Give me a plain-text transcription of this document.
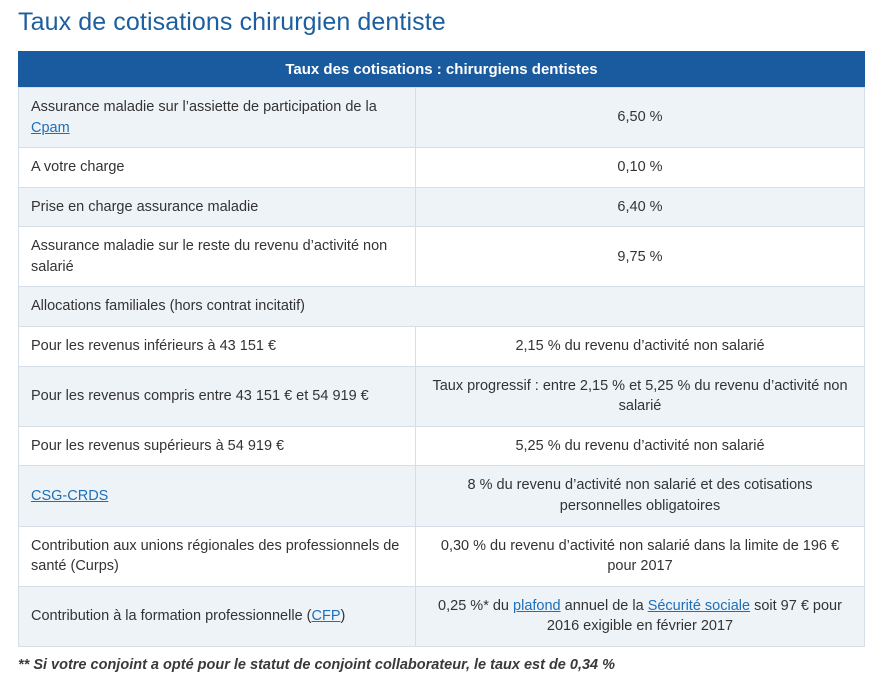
Taux de cotisations chirurgien dentiste
Taux des cotisations : chirurgiens dentistes
Assurance maladie sur l’assiette de participation de la Cpam	6,50 %
A votre charge	0,10 %
Prise en charge assurance maladie	6,40 %
Assurance maladie sur le reste du revenu d’activité non salarié	9,75 %
Allocations familiales (hors contrat incitatif)	
Pour les revenus inférieurs à 43 151 €	2,15 % du revenu d’activité non salarié
Pour les revenus compris entre 43 151 € et 54 919 €	Taux progressif : entre 2,15 % et 5,25 % du revenu d’activité non salarié
Pour les revenus supérieurs à 54 919 €	5,25 % du revenu d’activité non salarié
CSG-CRDS	8 % du revenu d’activité non salarié et des cotisations personnelles obligatoires
Contribution aux unions régionales des professionnels de santé (Curps)	0,30 % du revenu d’activité non salarié dans la limite de 196 € pour 2017
Contribution à la formation professionnelle (CFP)	0,25 %* du plafond annuel de la Sécurité sociale soit 97 € pour 2016 exigible en février 2017
** Si votre conjoint a opté pour le statut de conjoint collaborateur, le taux est de 0,34 %
